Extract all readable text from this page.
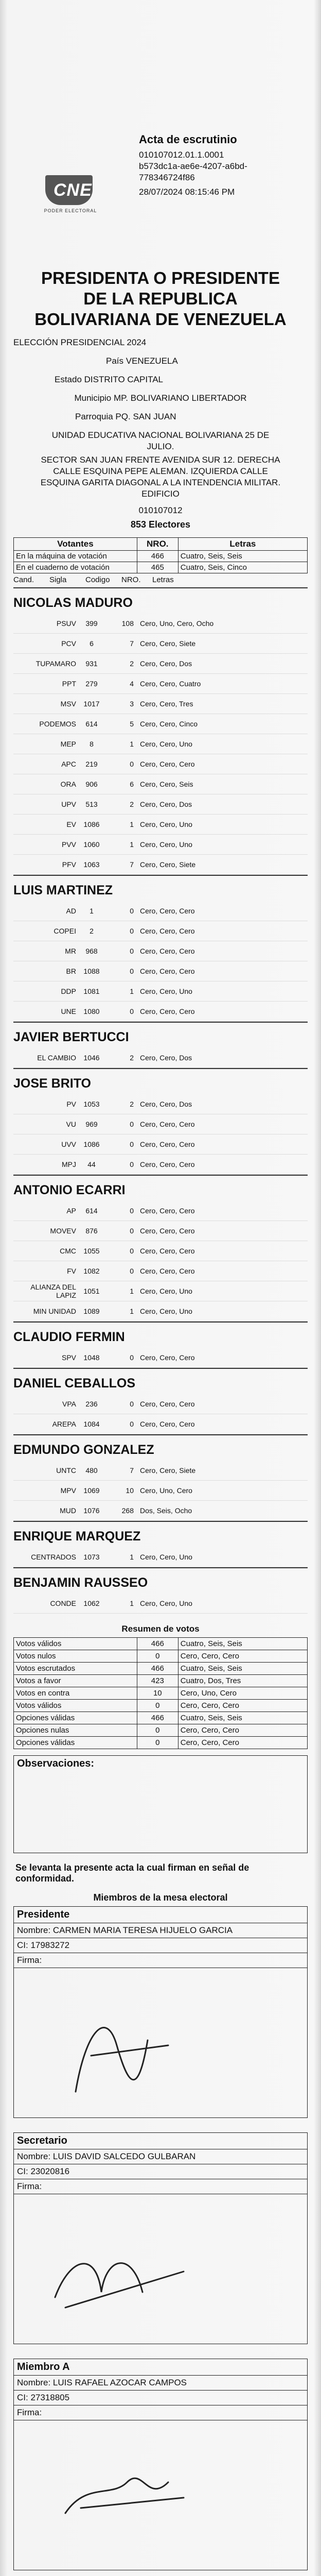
CNE
PODER ELECTORAL
Acta de escrutinio
010107012.01.1.0001
b573dc1a-ae6e-4207-a6bd-
778346724f86
28/07/2024 08:15:46 PM
PRESIDENTA O PRESIDENTE DE LA REPUBLICA BOLIVARIANA DE VENEZUELA
ELECCIÓN PRESIDENCIAL 2024
País VENEZUELA
Estado DISTRITO CAPITAL
Municipio MP. BOLIVARIANO LIBERTADOR
Parroquia PQ. SAN JUAN
UNIDAD EDUCATIVA NACIONAL BOLIVARIANA 25 DE JULIO.
SECTOR SAN JUAN FRENTE AVENIDA SUR 12. DERECHA CALLE ESQUINA PEPE ALEMAN. IZQUIERDA CALLE ESQUINA GARITA DIAGONAL A LA INTENDENCIA MILITAR. EDIFICIO
010107012
853 Electores
Votantes	NRO.	Letras
En la máquina de votación	466	Cuatro, Seis, Seis
En el cuaderno de votación	465	Cuatro, Seis, Cinco
Cand.	Sigla	Codigo	NRO.	Letras
NICOLAS MADURO
PSUV	399	108 Cero, Uno, Cero, Ocho
PCV	6	7 Cero, Cero, Siete
TUPAMARO	931	2 Cero, Cero, Dos
PPT	279	4 Cero, Cero, Cuatro
MSV	1017	3 Cero, Cero, Tres
PODEMOS	614	5 Cero, Cero, Cinco
MEP	8	1 Cero, Cero, Uno
APC	219	0 Cero, Cero, Cero
ORA	906	6 Cero, Cero, Seis
UPV	513	2 Cero, Cero, Dos
EV	1086	1 Cero, Cero, Uno
PVV	1060	1 Cero, Cero, Uno
PFV	1063	7 Cero, Cero, Siete
LUIS MARTINEZ
AD	1	0 Cero, Cero, Cero
COPEI	2	0 Cero, Cero, Cero
MR	968	0 Cero, Cero, Cero
BR	1088	0 Cero, Cero, Cero
DDP	1081	1 Cero, Cero, Uno
UNE	1080	0 Cero, Cero, Cero
JAVIER BERTUCCI
EL CAMBIO	1046	2 Cero, Cero, Dos
JOSE BRITO
PV	1053	2 Cero, Cero, Dos
VU	969	0 Cero, Cero, Cero
UVV	1086	0 Cero, Cero, Cero
MPJ	44	0 Cero, Cero, Cero
ANTONIO ECARRI
AP	614	0 Cero, Cero, Cero
MOVEV	876	0 Cero, Cero, Cero
CMC	1055	0 Cero, Cero, Cero
FV	1082	0 Cero, Cero, Cero
ALIANZA DEL LAPIZ	1051	1 Cero, Cero, Uno
MIN UNIDAD	1089	1 Cero, Cero, Uno
CLAUDIO FERMIN
SPV	1048	0 Cero, Cero, Cero
DANIEL CEBALLOS
VPA	236	0 Cero, Cero, Cero
AREPA	1084	0 Cero, Cero, Cero
EDMUNDO GONZALEZ
UNTC	480	7 Cero, Cero, Siete
MPV	1069	10 Cero, Uno, Cero
MUD	1076	268 Dos, Seis, Ocho
ENRIQUE MARQUEZ
CENTRADOS	1073	1 Cero, Cero, Uno
BENJAMIN RAUSSEO
CONDE	1062	1 Cero, Cero, Uno
Resumen de votos
Votos válidos	466	Cuatro, Seis, Seis
Votos nulos	0	Cero, Cero, Cero
Votos escrutados	466	Cuatro, Seis, Seis
Votos a favor	423	Cuatro, Dos, Tres
Votos en contra	10	Cero, Uno, Cero
Votos válidos	0	Cero, Cero, Cero
Opciones válidas	466	Cuatro, Seis, Seis
Opciones nulas	0	Cero, Cero, Cero
Opciones válidas	0	Cero, Cero, Cero
Observaciones:
Se levanta la presente acta la cual firman en señal de conformidad.
Miembros de la mesa electoral
Presidente
Nombre: CARMEN MARIA TERESA HIJUELO GARCIA
CI: 17983272
Firma:
Secretario
Nombre: LUIS DAVID SALCEDO GULBARAN
CI: 23020816
Firma:
Miembro A
Nombre: LUIS RAFAEL AZOCAR CAMPOS
CI: 27318805
Firma:
